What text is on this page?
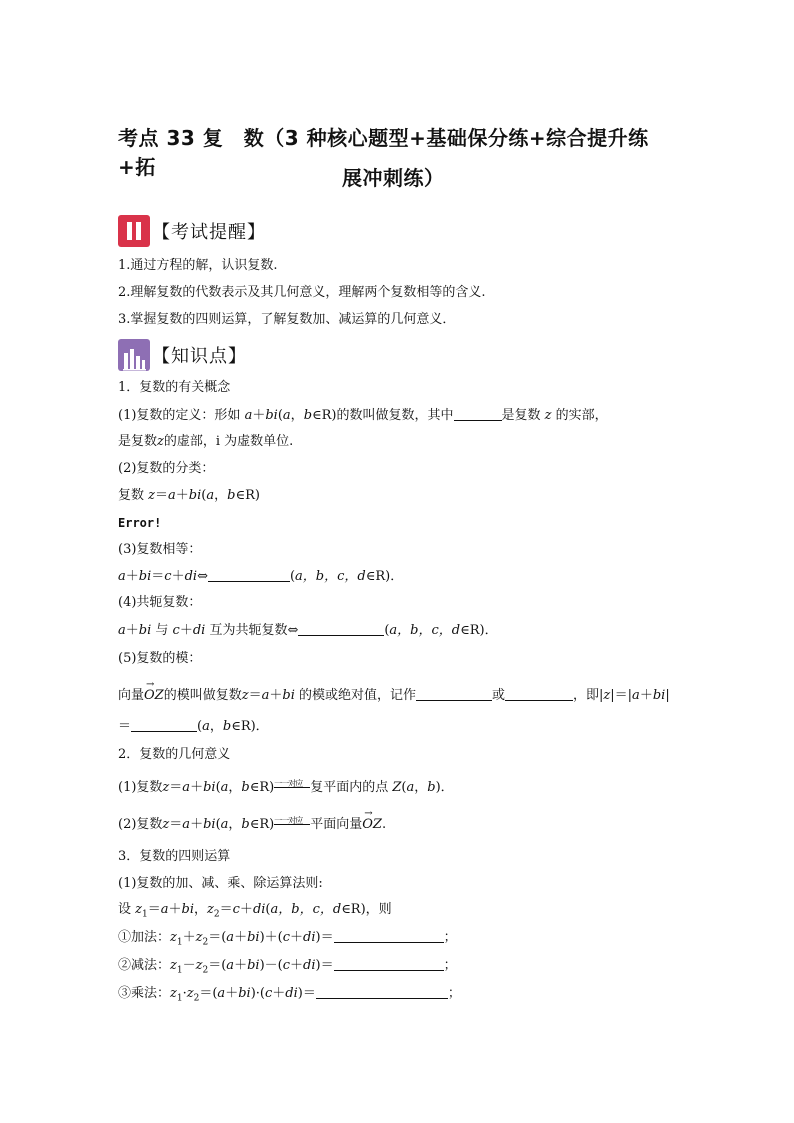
考点 33 复　数（3 种核心题型+基础保分练+综合提升练+拓	展冲刺练）
【考试提醒】
1.通过方程的解，认识复数.
2.理解复数的代数表示及其几何意义，理解两个复数相等的含义.
3.掌握复数的四则运算，了解复数加、减运算的几何意义．
【知识点】
1．复数的有关概念
(1)复数的定义：形如 a＋bi(a，b∈R)的数叫做复数，其中	是复数 z 的实部，
是复数z的虚部，i 为虚数单位.
(2)复数的分类：
复数 z＝a＋bi(a，b∈R)
Error!
(3)复数相等：
a＋bi＝c＋di⇔	(a，b，c，d∈R)．
(4)共轭复数：
a＋bi 与 c＋di 互为共轭复数⇔	(a，b，c，d∈R)．
(5)复数的模：
向量
→
OZ的模叫做复数z＝a＋bi 的模或绝对值，记作	或	，即|z|＝|a＋bi|
＝	(a，b∈R)．
2．复数的几何意义
(1)复数z＝a＋bi(a，b∈R) 一一对应 复平面内的点 Z(a，b)．
(2)复数z＝a＋bi(a，b∈R) 一一对应 平面向量
→
OZ.
3．复数的四则运算
(1)复数的加、减、乘、除运算法则:
设 $z_1=a+bi$，$z_2=c+di(a$，b，c，d∈R)，则
①加法：$z_1+z_2=(a+bi)+(c+di)=$	；
②减法：$z_1-z_2=(a+bi)-(c+di)=$	；
③乘法：$z_1\cdot z_2=(a+bi)\cdot(c+di)=$	；
